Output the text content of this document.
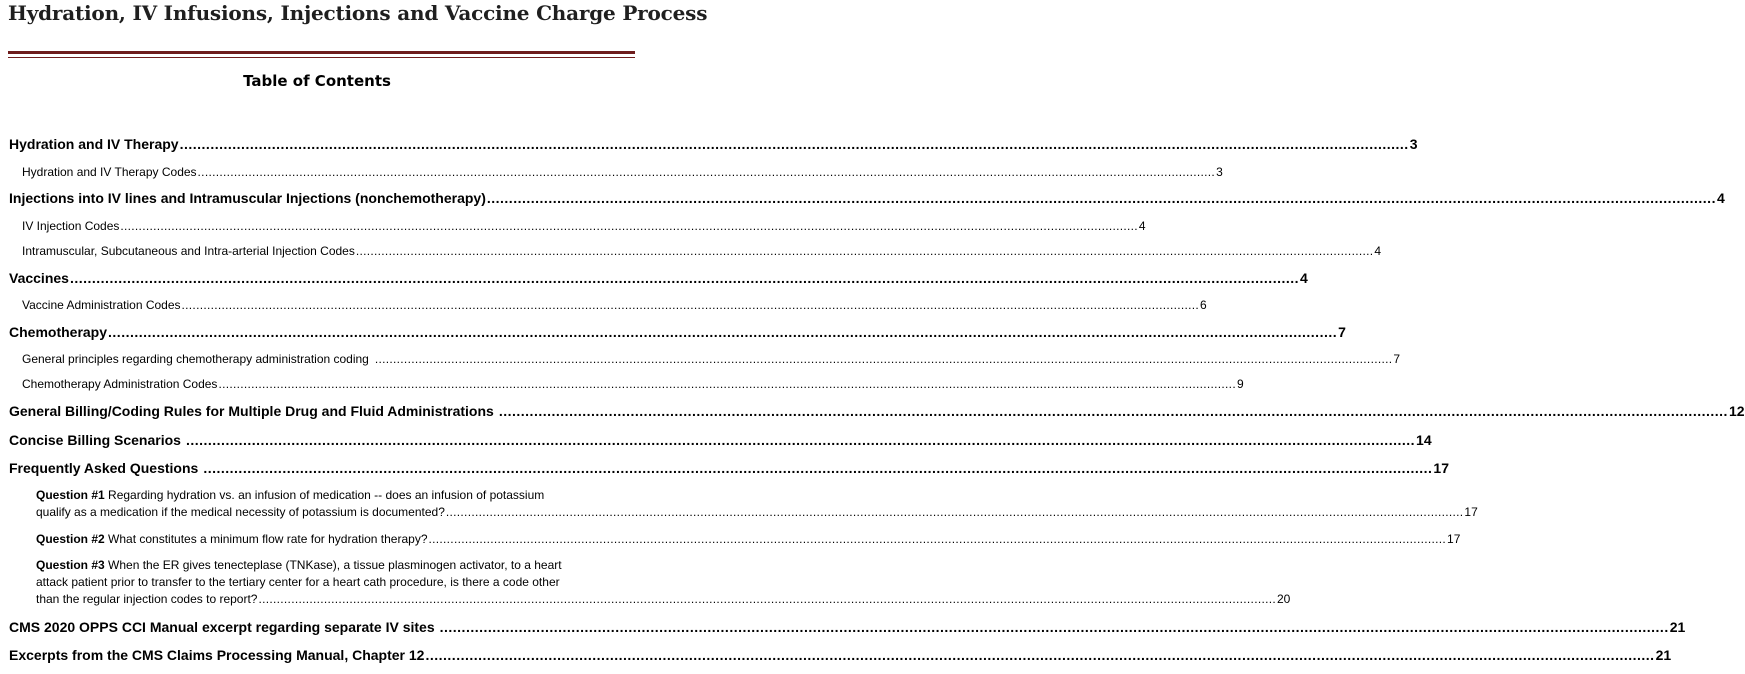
Hydration, IV Infusions, Injections and Vaccine Charge Process
Table of Contents
Hydration and IV Therapy ........................................................................................................................................................................................................................................................................................ 3
Hydration and IV Therapy Codes ........................................................................................................................................................................................................................................................................................ 3
Injections into IV lines and Intramuscular Injections (nonchemotherapy) ........................................................................................................................................................................................................................................................................................ 4
IV Injection Codes ........................................................................................................................................................................................................................................................................................ 4
Intramuscular, Subcutaneous and Intra-arterial Injection Codes ........................................................................................................................................................................................................................................................................................ 4
Vaccines ........................................................................................................................................................................................................................................................................................ 4
Vaccine Administration Codes ........................................................................................................................................................................................................................................................................................ 6
Chemotherapy ........................................................................................................................................................................................................................................................................................ 7
General principles regarding chemotherapy administration coding ........................................................................................................................................................................................................................................................................................ 7
Chemotherapy Administration Codes ........................................................................................................................................................................................................................................................................................ 9
General Billing/Coding Rules for Multiple Drug and Fluid Administrations ........................................................................................................................................................................................................................................................................................ 12
Concise Billing Scenarios ........................................................................................................................................................................................................................................................................................ 14
Frequently Asked Questions ........................................................................................................................................................................................................................................................................................ 17
Question #1 Regarding hydration vs. an infusion of medication -- does an infusion of potassium
qualify as a medication if the medical necessity of potassium is documented? ........................................................................................................................................................................................................................................................................................ 17
Question #2 What constitutes a minimum flow rate for hydration therapy? ........................................................................................................................................................................................................................................................................................ 17
Question #3 When the ER gives tenecteplase (TNKase), a tissue plasminogen activator, to a heart
attack patient prior to transfer to the tertiary center for a heart cath procedure, is there a code other
than the regular injection codes to report? ........................................................................................................................................................................................................................................................................................ 20
CMS 2020 OPPS CCI Manual excerpt regarding separate IV sites ........................................................................................................................................................................................................................................................................................ 21
Excerpts from the CMS Claims Processing Manual, Chapter 12 ........................................................................................................................................................................................................................................................................................ 21
